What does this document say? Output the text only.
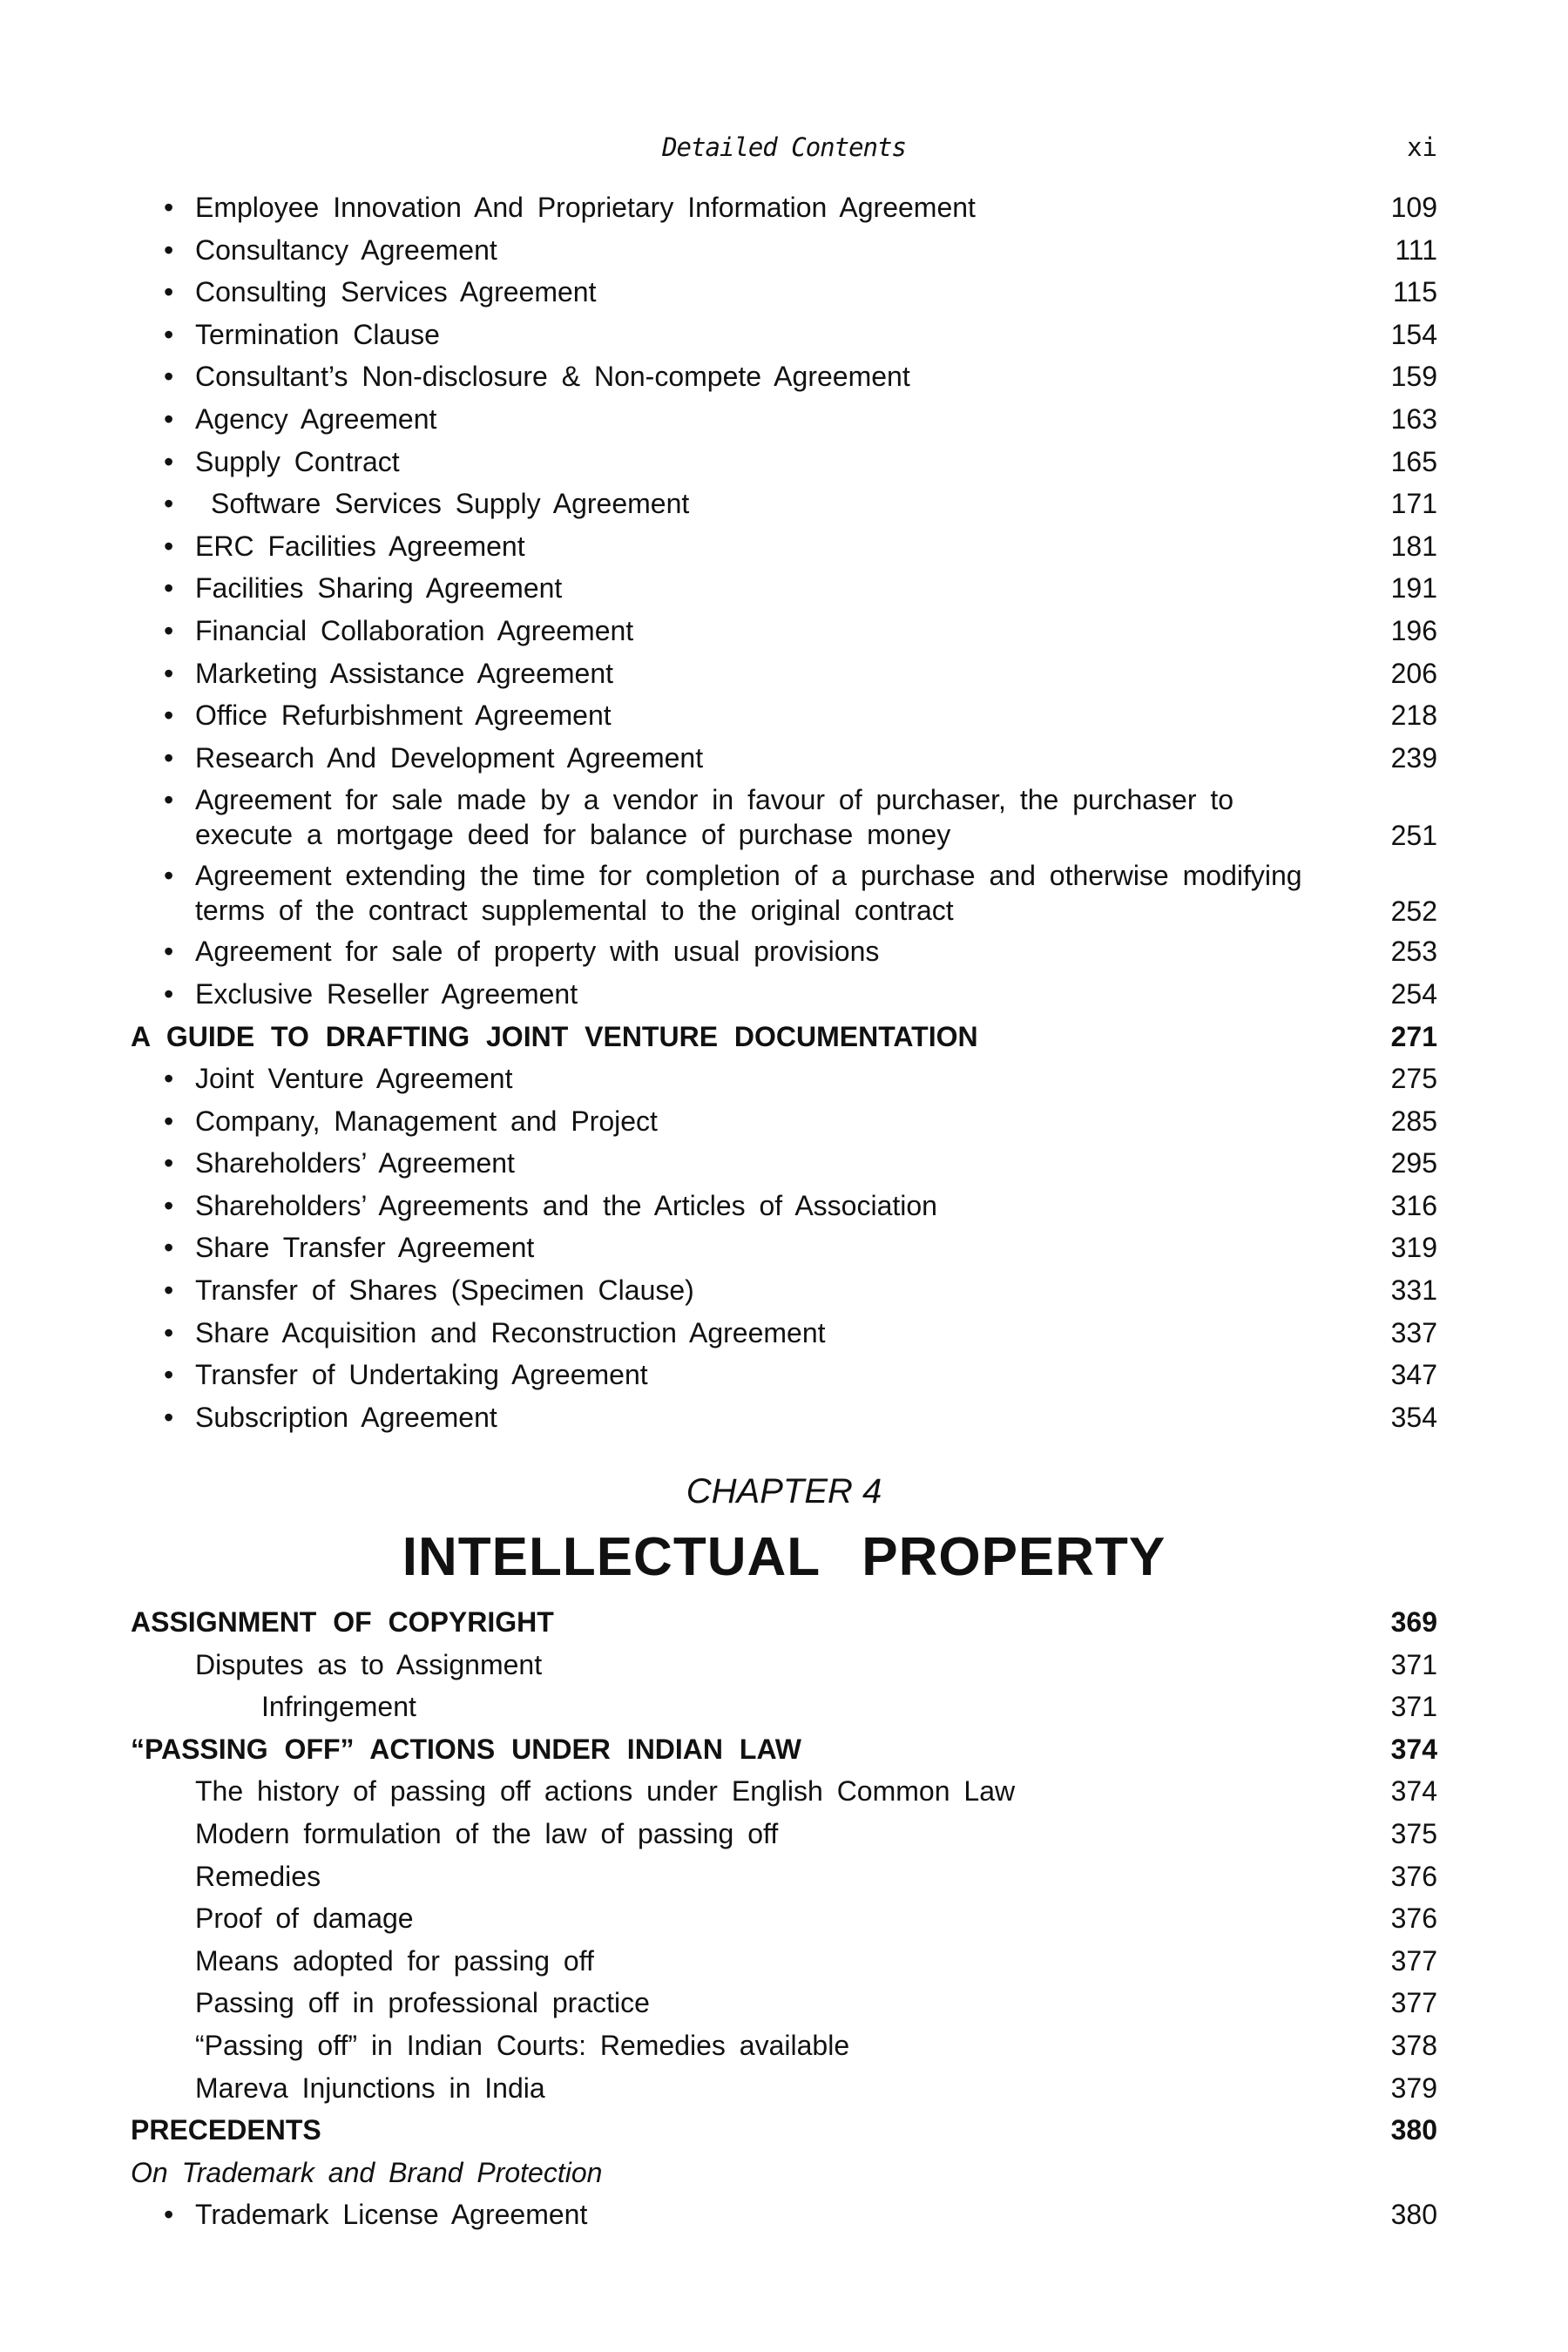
Detailed Contents	xi
• Employee Innovation And Proprietary Information Agreement	109
• Consultancy Agreement	111
• Consulting Services Agreement	115
• Termination Clause	154
• Consultant’s Non-disclosure & Non-compete Agreement	159
• Agency Agreement	163
• Supply Contract	165
• Software Services Supply Agreement	171
• ERC Facilities Agreement	181
• Facilities Sharing Agreement	191
• Financial Collaboration Agreement	196
• Marketing Assistance Agreement	206
• Office Refurbishment Agreement	218
• Research And Development Agreement	239
• Agreement for sale made by a vendor in favour of purchaser, the purchaser to execute a mortgage deed for balance of purchase money	251
• Agreement extending the time for completion of a purchase and otherwise modifying terms of the contract supplemental to the original contract	252
• Agreement for sale of property with usual provisions	253
• Exclusive Reseller Agreement	254
A GUIDE TO DRAFTING JOINT VENTURE DOCUMENTATION	271
• Joint Venture Agreement	275
• Company, Management and Project	285
• Shareholders’ Agreement	295
• Shareholders’ Agreements and the Articles of Association	316
• Share Transfer Agreement	319
• Transfer of Shares (Specimen Clause)	331
• Share Acquisition and Reconstruction Agreement	337
• Transfer of Undertaking Agreement	347
• Subscription Agreement	354
CHAPTER 4
INTELLECTUAL PROPERTY
ASSIGNMENT OF COPYRIGHT	369
Disputes as to Assignment	371
Infringement	371
“PASSING OFF” ACTIONS UNDER INDIAN LAW	374
The history of passing off actions under English Common Law	374
Modern formulation of the law of passing off	375
Remedies	376
Proof of damage	376
Means adopted for passing off	377
Passing off in professional practice	377
“Passing off” in Indian Courts: Remedies available	378
Mareva Injunctions in India	379
PRECEDENTS	380
On Trademark and Brand Protection
• Trademark License Agreement	380
